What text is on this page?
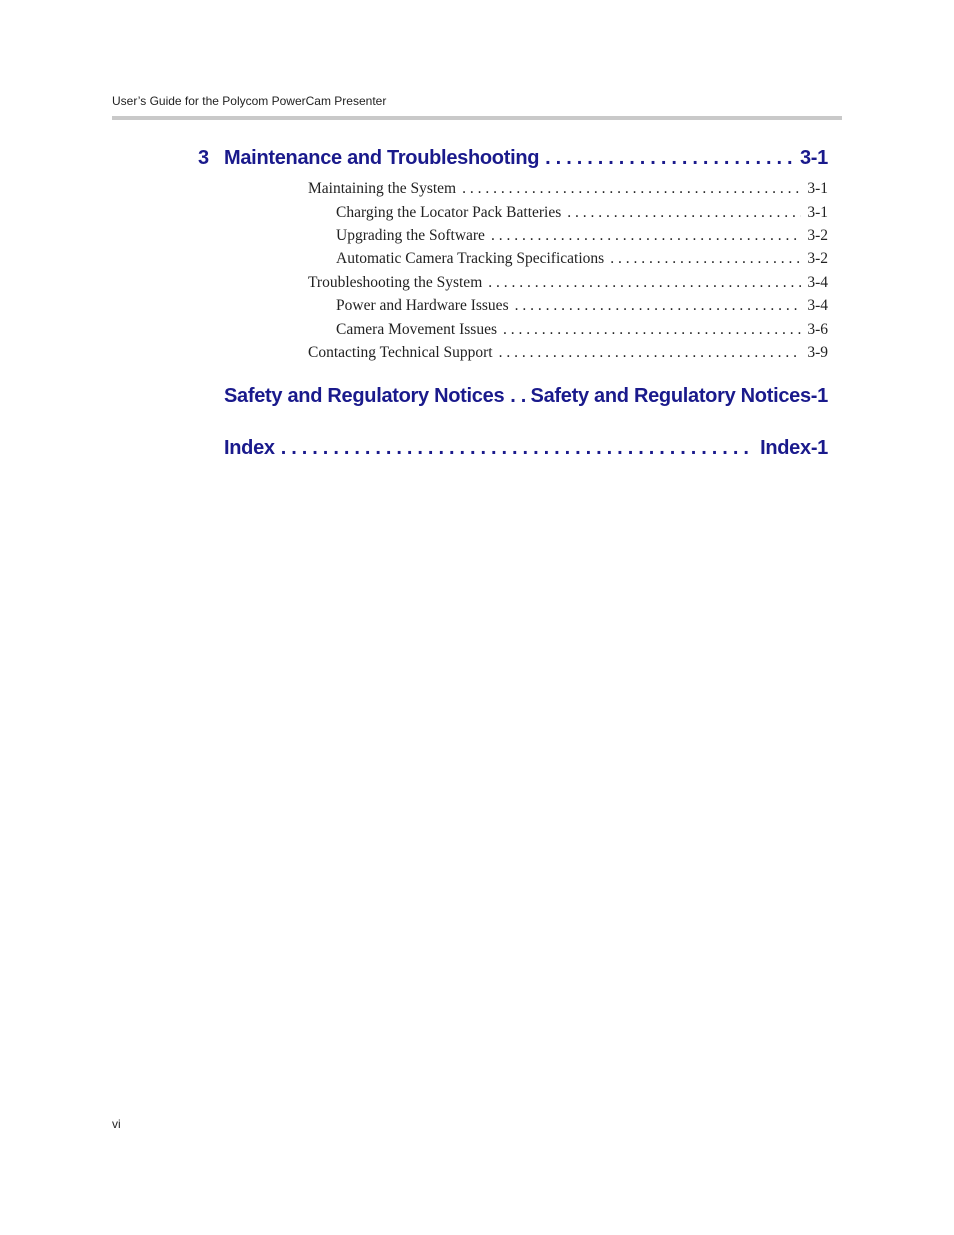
User’s Guide for the Polycom PowerCam Presenter
3 Maintenance and Troubleshooting . . .	3-1
Maintaining the System . . .	3-1
Charging the Locator Pack Batteries . . .	3-1
Upgrading the Software . . .	3-2
Automatic Camera Tracking Specifications . . .	3-2
Troubleshooting the System . . .	3-4
Power and Hardware Issues . . .	3-4
Camera Movement Issues . . .	3-6
Contacting Technical Support . . .	3-9
Safety and Regulatory Notices . . . Safety and Regulatory Notices-1
Index . . .	Index-1
vi
